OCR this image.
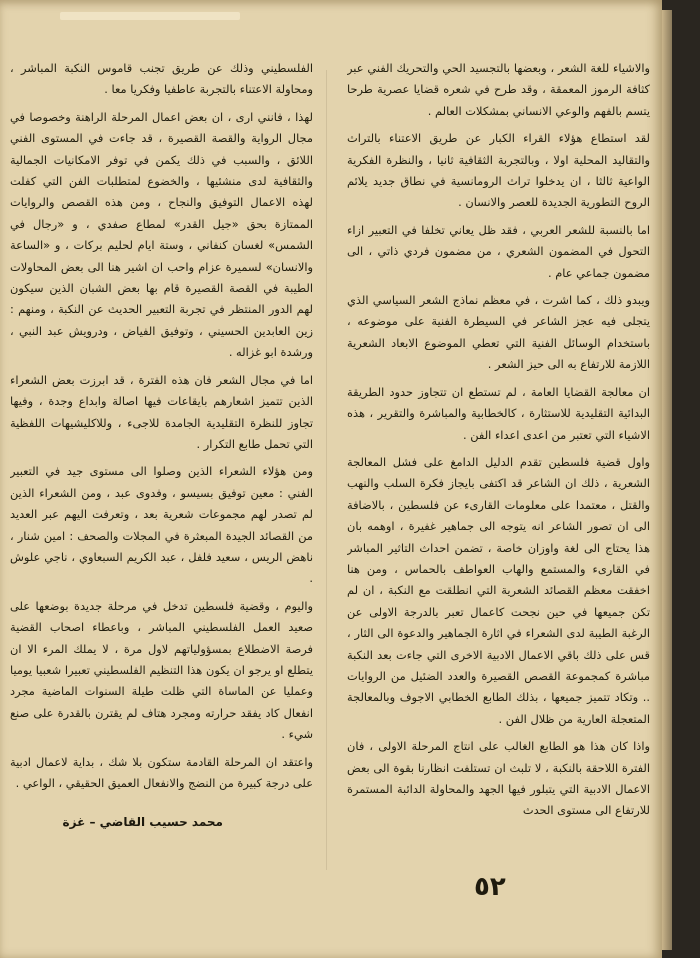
والاشياء للغة الشعر ، وبعضها بالتجسيد الحي والتحريك الفني عبر كثافة الرموز المعمقة ، وقد طرح في شعره قضايا عصرية طرحا يتسم بالفهم والوعي الانساني بمشكلات العالم .

لقد استطاع هؤلاء القراء الكبار عن طريق الاعتناء بالتراث والتقاليد المحلية اولا ، وبالتجربة الثقافية ثانيا ، والنظرة الفكرية الواعية ثالثا ، ان يدخلوا تراث الرومانسية في نطاق جديد يلائم الروح التطورية الجديدة للعصر والانسان .

اما بالنسبة للشعر العربي ، فقد ظل يعاني تخلفا في التعبير ازاء التحول في المضمون الشعري ، من مضمون فردي ذاتي ، الى مضمون جماعي عام .

ويبدو ذلك ، كما اشرت ، في معظم نماذج الشعر السياسي الذي يتجلى فيه عجز الشاعر في السيطرة الفنية على موضوعه ، باستخدام الوسائل الفنية التي تعطي الموضوع الابعاد الشعرية اللازمة للارتفاع به الى حيز الشعر .

ان معالجة القضايا العامة ، لم تستطع ان تتجاوز حدود الطريقة البدائية التقليدية للاستثارة ، كالخطابية والمباشرة والتقرير ، هذه الاشياء التي تعتبر من اعدى اعداء الفن .

واول قضية فلسطين تقدم الدليل الدامغ على فشل المعالجة الشعرية ، ذلك ان الشاعر قد اكتفى بايجاز فكرة السلب والنهب والقتل ، معتمدا على معلومات القارىء عن فلسطين ، بالاضافة الى ان تصور الشاعر انه يتوجه الى جماهير غفيرة ، اوهمه بان هذا يحتاج الى لغة واوزان خاصة ، تضمن احداث التاثير المباشر في القارىء والمستمع والهاب العواطف بالحماس ، ومن هنا اخفقت معظم القصائد الشعرية التي انطلقت مع النكبة ، ان لم تكن جميعها في حين نجحت كاعمال تعبر بالدرجة الاولى عن الرغبة الطيبة لدى الشعراء في اثارة الجماهير والدعوة الى الثار ، قس على ذلك باقي الاعمال الادبية الاخرى التي جاءت بعد النكبة مباشرة كمجموعة القصص القصيرة والعدد الضئيل من الروايات .. وتكاد تتميز جميعها ، بذلك الطابع الخطابي الاجوف وبالمعالجة المتعجلة العارية من ظلال الفن .

واذا كان هذا هو الطابع الغالب على انتاج المرحلة الاولى ، فان الفترة اللاحقة بالنكبة ، لا تلبث ان تستلفت انظارنا بقوة الى بعض الاعمال الادبية التي يتبلور فيها الجهد والمحاولة الدائبة المستمرة للارتفاع الى مستوى الحدث

الفلسطيني وذلك عن طريق تجنب قاموس النكبة المباشر ، ومحاولة الاعتناء بالتجربة عاطفيا وفكريا معا .

لهذا ، فانني ارى ، ان بعض اعمال المرحلة الراهنة وخصوصا في مجال الرواية والقصة القصيرة ، قد جاءت في المستوى الفني اللائق ، والسبب في ذلك يكمن في توفر الامكانيات الجمالية والثقافية لدى منشئيها ، والخضوع لمتطلبات الفن التي كفلت لهذه الاعمال التوفيق والنجاح ، ومن هذه القصص والروايات الممتازة بحق «جيل القدر» لمطاع صفدي ، و «رجال في الشمس» لغسان كنفاني ، وستة ايام لحليم بركات ، و «الساعة والانسان» لسميرة عزام واحب ان اشير هنا الى بعض المحاولات الطيبة في القصة القصيرة قام بها بعض الشبان الذين سيكون لهم الدور المنتظر في تجربة التعبير الحديث عن النكبة ، ومنهم : زين العابدين الحسيني ، وتوفيق الفياض ، ودرويش عبد النبي ، ورشدة ابو غزاله .

اما في مجال الشعر فان هذه الفترة ، قد ابرزت بعض الشعراء الذين تتميز اشعارهم بايقاعات فيها اصالة وابداع وجدة ، وفيها تجاوز للنظرة التقليدية الجامدة للاجىء ، وللاكليشيهات اللفظية التي تحمل طابع التكرار .

ومن هؤلاء الشعراء الذين وصلوا الى مستوى جيد في التعبير الفني : معين توفيق بسيسو ، وفدوى عبد ، ومن الشعراء الذين لم تصدر لهم مجموعات شعرية بعد ، وتعرفت اليهم عبر العديد من القصائد الجيدة المبعثرة في المجلات والصحف : امين شنار ، ناهض الريس ، سعيد فلفل ، عبد الكريم السبعاوي ، ناجي علوش .

واليوم ، وقضية فلسطين تدخل في مرحلة جديدة بوضعها على صعيد العمل الفلسطيني المباشر ، وباعطاء اصحاب القضية فرصة الاضطلاع بمسؤولياتهم لاول مرة ، لا يملك المرء الا ان يتطلع او يرجو ان يكون هذا التنظيم الفلسطيني تعبيرا شعبيا يوميا وعمليا عن الماساة التي ظلت طيلة السنوات الماضية مجرد انفعال كاد يفقد حرارته ومجرد هتاف لم يقترن بالقدرة على صنع شيء .

واعتقد ان المرحلة القادمة ستكون بلا شك ، بداية لاعمال ادبية على درجة كبيرة من النضج والانفعال العميق الحقيقي ، الواعي .

محمد حسيب القاضي – غزة
٥٢
